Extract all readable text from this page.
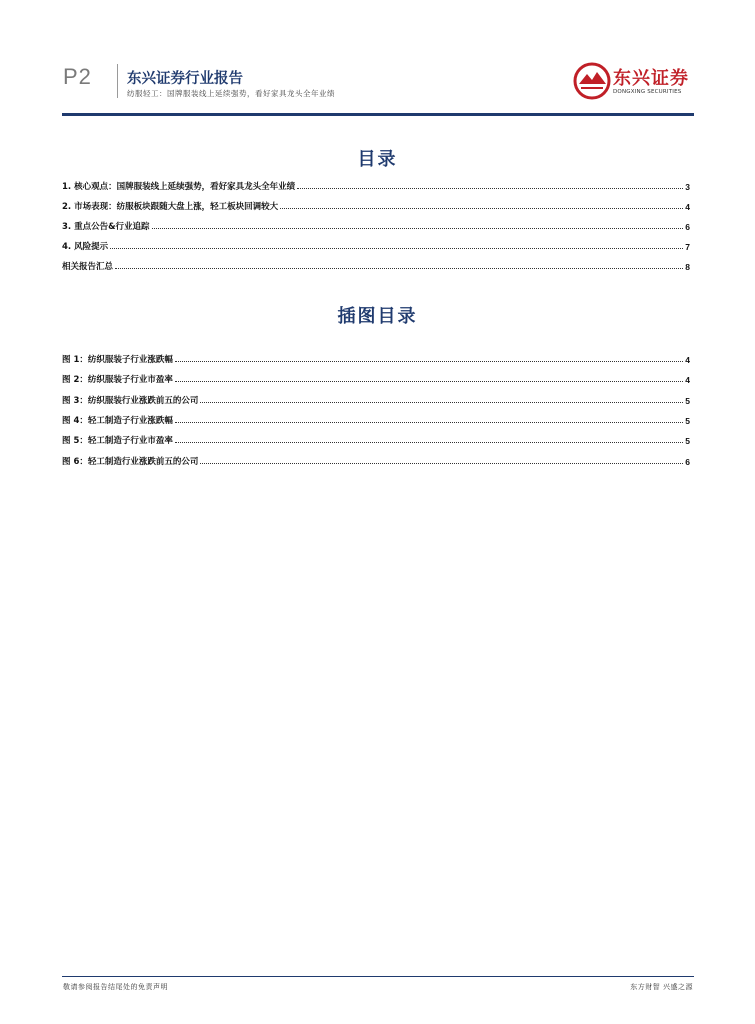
P2 东兴证券行业报告
纺服轻工：国牌服装线上延续强势，看好家具龙头全年业绩
东兴证券
DONGXING SECURITIES
目录
1. 核心观点：国牌服装线上延续强势，看好家具龙头全年业绩	3
2. 市场表现：纺服板块跟随大盘上涨，轻工板块回调较大	4
3. 重点公告&行业追踪	6
4. 风险提示	7
相关报告汇总	8
插图目录
图 1：纺织服装子行业涨跌幅	4
图 2：纺织服装子行业市盈率	4
图 3：纺织服装行业涨跌前五的公司	5
图 4：轻工制造子行业涨跌幅	5
图 5：轻工制造子行业市盈率	5
图 6：轻工制造行业涨跌前五的公司	6
敬请参阅报告结尾处的免责声明	东方财智 兴盛之源
